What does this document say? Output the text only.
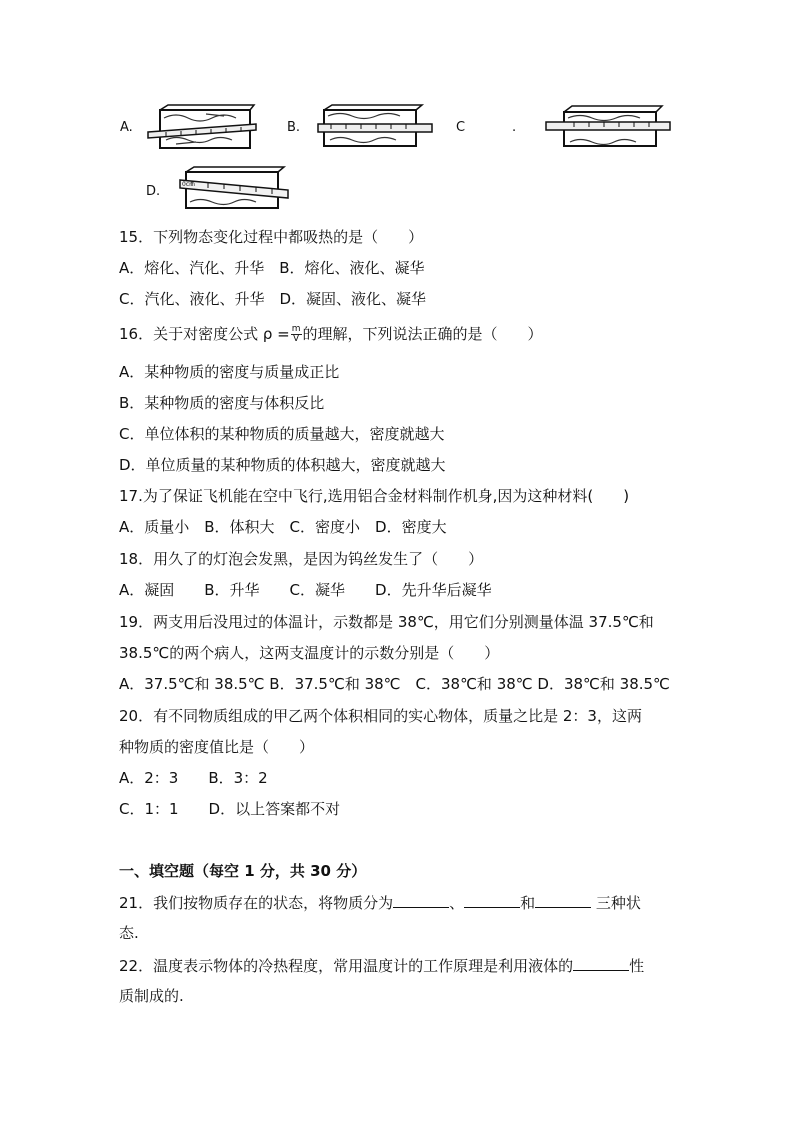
A.	B.	C	.
D.	0cm
15．下列物态变化过程中都吸热的是（　　）
A．熔化、汽化、升华　B．熔化、液化、凝华
C．汽化、液化、升华　D．凝固、液化、凝华
16．关于对密度公式 $\rho = \frac{m}{V}$ 的理解，下列说法正确的是（　　）
A．某种物质的密度与质量成正比
B．某种物质的密度与体积反比
C．单位体积的某种物质的质量越大，密度就越大
D．单位质量的某种物质的体积越大，密度就越大
17.为了保证飞机能在空中飞行,选用铝合金材料制作机身,因为这种材料(　　)
A．质量小　B．体积大　C．密度小　D．密度大
18．用久了的灯泡会发黑，是因为钨丝发生了（　　）
A．凝固　　B．升华　　C．凝华　　D．先升华后凝华
19．两支用后没甩过的体温计，示数都是 38℃，用它们分别测量体温 37.5℃和
38.5℃的两个病人，这两支温度计的示数分别是（　　）
A．37.5℃和 38.5℃ B．37.5℃和 38℃　C．38℃和 38℃ D．38℃和 38.5℃
20．有不同物质组成的甲乙两个体积相同的实心物体，质量之比是 2：3，这两
种物质的密度值比是（　　）
A．2：3　　B．3：2
C．1：1　　D．以上答案都不对
一、填空题（每空 1 分，共 30 分）
21．我们按物质存在的状态，将物质分为	、	和	三种状
态.
22．温度表示物体的冷热程度，常用温度计的工作原理是利用液体的	性
质制成的.
